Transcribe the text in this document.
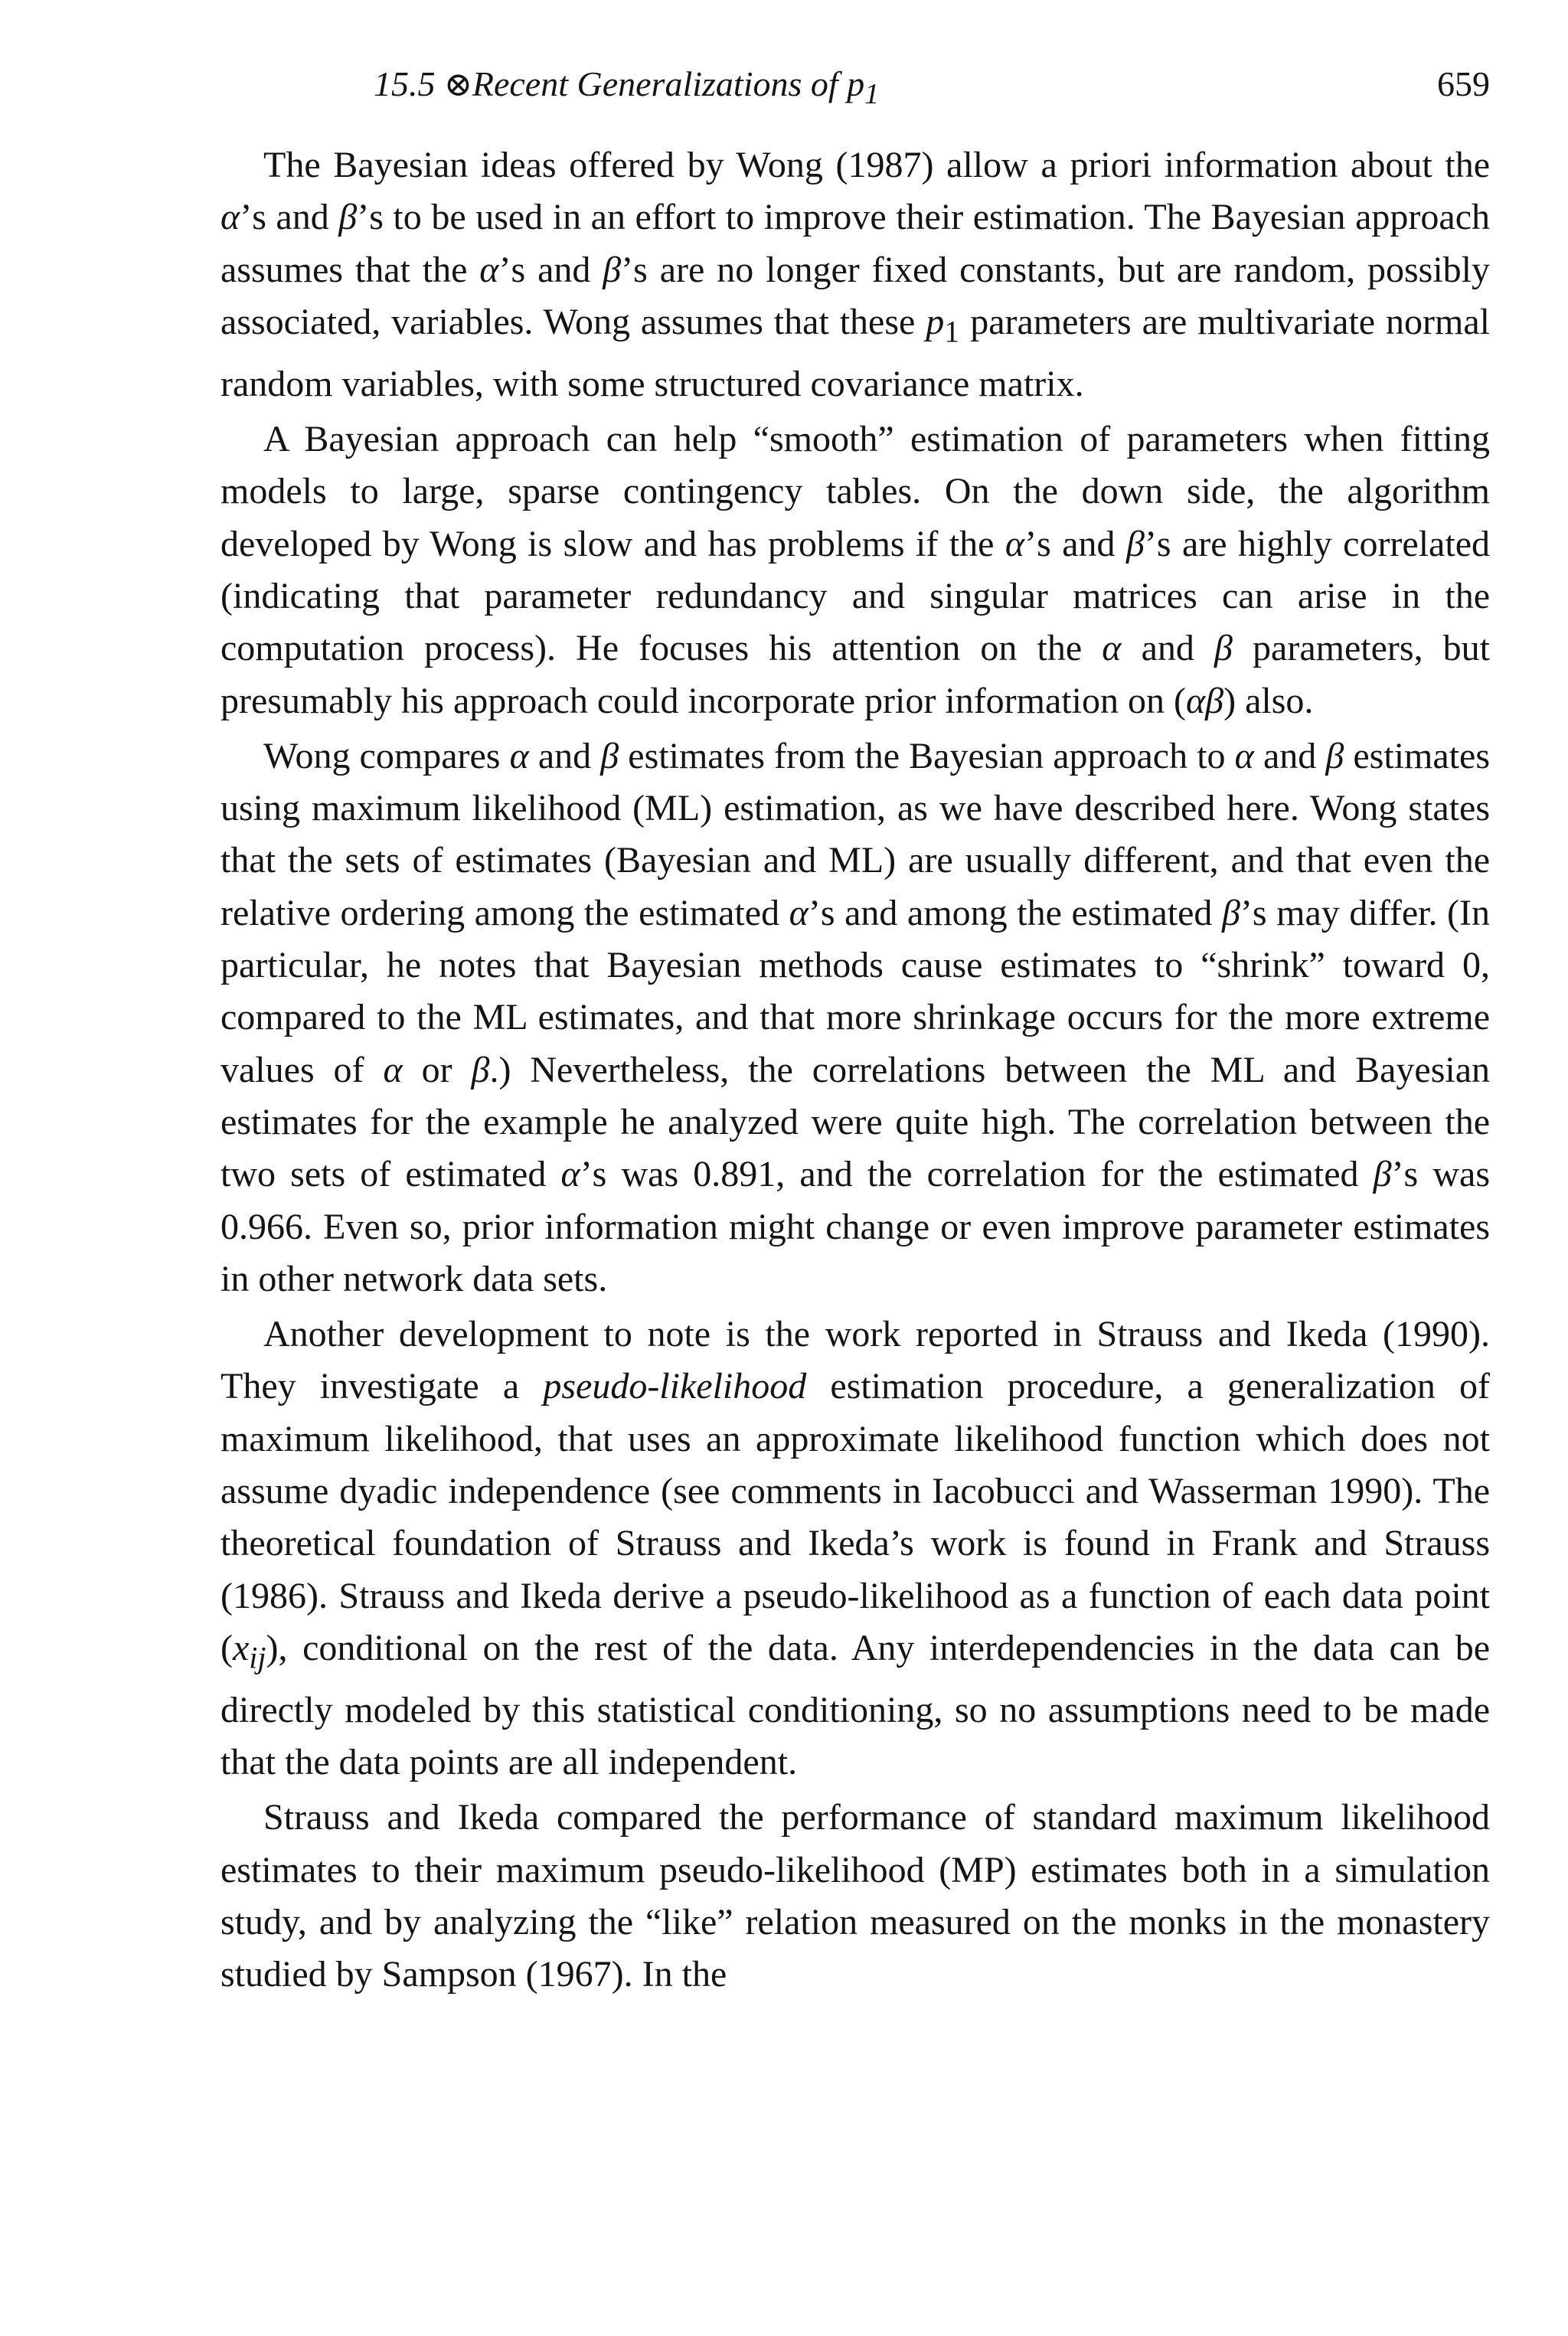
15.5 ⊗Recent Generalizations of $p_1$	659

The Bayesian ideas offered by Wong (1987) allow a priori information about the α’s and β’s to be used in an effort to improve their estimation. The Bayesian approach assumes that the α’s and β’s are no longer fixed constants, but are random, possibly associated, variables. Wong assumes that these $p_1$ parameters are multivariate normal random variables, with some structured covariance matrix.

A Bayesian approach can help “smooth” estimation of parameters when fitting models to large, sparse contingency tables. On the down side, the algorithm developed by Wong is slow and has problems if the α’s and β’s are highly correlated (indicating that parameter redundancy and singular matrices can arise in the computation process). He focuses his attention on the α and β parameters, but presumably his approach could incorporate prior information on (αβ) also.

Wong compares α and β estimates from the Bayesian approach to α and β estimates using maximum likelihood (ML) estimation, as we have described here. Wong states that the sets of estimates (Bayesian and ML) are usually different, and that even the relative ordering among the estimated α’s and among the estimated β’s may differ. (In particular, he notes that Bayesian methods cause estimates to “shrink” toward 0, compared to the ML estimates, and that more shrinkage occurs for the more extreme values of α or β.) Nevertheless, the correlations between the ML and Bayesian estimates for the example he analyzed were quite high. The correlation between the two sets of estimated α’s was 0.891, and the correlation for the estimated β’s was 0.966. Even so, prior information might change or even improve parameter estimates in other network data sets.

Another development to note is the work reported in Strauss and Ikeda (1990). They investigate a pseudo-likelihood estimation procedure, a generalization of maximum likelihood, that uses an approximate likelihood function which does not assume dyadic independence (see comments in Iacobucci and Wasserman 1990). The theoretical foundation of Strauss and Ikeda’s work is found in Frank and Strauss (1986). Strauss and Ikeda derive a pseudo-likelihood as a function of each data point $(x_{ij})$, conditional on the rest of the data. Any interdependencies in the data can be directly modeled by this statistical conditioning, so no assumptions need to be made that the data points are all independent.

Strauss and Ikeda compared the performance of standard maximum likelihood estimates to their maximum pseudo-likelihood (MP) estimates both in a simulation study, and by analyzing the “like” relation measured on the monks in the monastery studied by Sampson (1967). In the
